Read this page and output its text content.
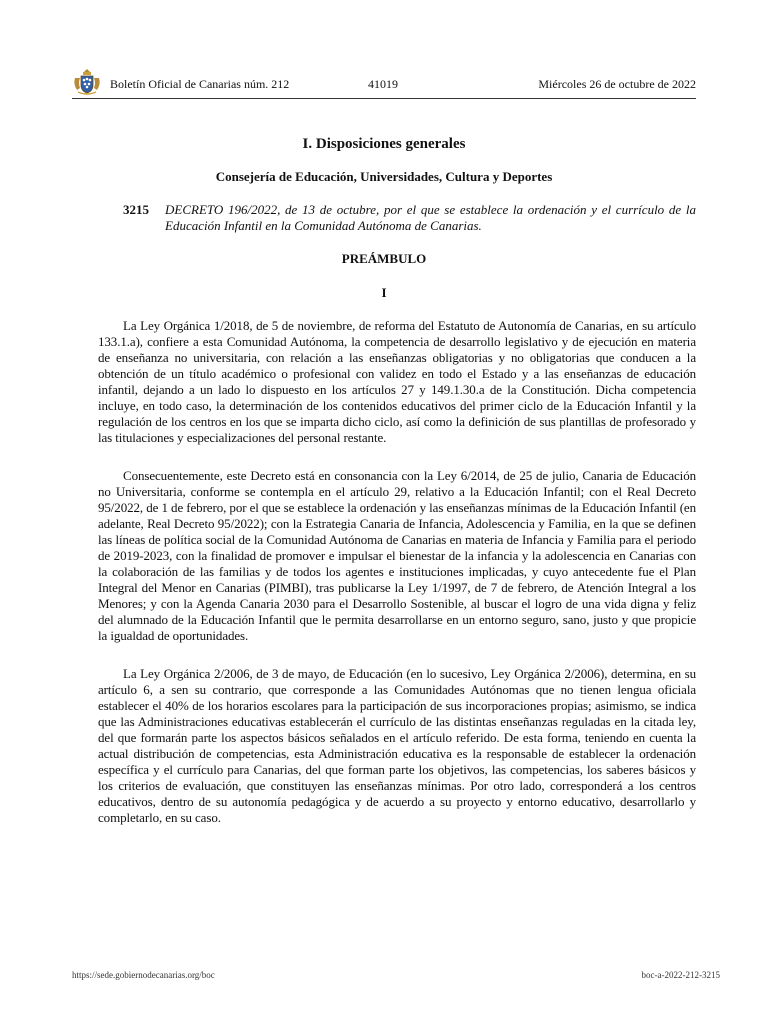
Boletín Oficial de Canarias núm. 212	41019	Miércoles 26 de octubre de 2022
I. Disposiciones generales
Consejería de Educación, Universidades, Cultura y Deportes
3215 DECRETO 196/2022, de 13 de octubre, por el que se establece la ordenación y el currículo de la Educación Infantil en la Comunidad Autónoma de Canarias.
PREÁMBULO
I

La Ley Orgánica 1/2018, de 5 de noviembre, de reforma del Estatuto de Autonomía de Canarias, en su artículo 133.1.a), confiere a esta Comunidad Autónoma, la competencia de desarrollo legislativo y de ejecución en materia de enseñanza no universitaria, con relación a las enseñanzas obligatorias y no obligatorias que conducen a la obtención de un título académico o profesional con validez en todo el Estado y a las enseñanzas de educación infantil, dejando a un lado lo dispuesto en los artículos 27 y 149.1.30.a de la Constitución. Dicha competencia incluye, en todo caso, la determinación de los contenidos educativos del primer ciclo de la Educación Infantil y la regulación de los centros en los que se imparta dicho ciclo, así como la definición de sus plantillas de profesorado y las titulaciones y especializaciones del personal restante.

Consecuentemente, este Decreto está en consonancia con la Ley 6/2014, de 25 de julio, Canaria de Educación no Universitaria, conforme se contempla en el artículo 29, relativo a la Educación Infantil; con el Real Decreto 95/2022, de 1 de febrero, por el que se establece la ordenación y las enseñanzas mínimas de la Educación Infantil (en adelante, Real Decreto 95/2022); con la Estrategia Canaria de Infancia, Adolescencia y Familia, en la que se definen las líneas de política social de la Comunidad Autónoma de Canarias en materia de Infancia y Familia para el periodo de 2019-2023, con la finalidad de promover e impulsar el bienestar de la infancia y la adolescencia en Canarias con la colaboración de las familias y de todos los agentes e instituciones implicadas, y cuyo antecedente fue el Plan Integral del Menor en Canarias (PIMBI), tras publicarse la Ley 1/1997, de 7 de febrero, de Atención Integral a los Menores; y con la Agenda Canaria 2030 para el Desarrollo Sostenible, al buscar el logro de una vida digna y feliz del alumnado de la Educación Infantil que le permita desarrollarse en un entorno seguro, sano, justo y que propicie la igualdad de oportunidades.

La Ley Orgánica 2/2006, de 3 de mayo, de Educación (en lo sucesivo, Ley Orgánica 2/2006), determina, en su artículo 6, a sen su contrario, que corresponde a las Comunidades Autónomas que no tienen lengua oficiala establecer el 40% de los horarios escolares para la participación de sus incorporaciones propias; asimismo, se indica que las Administraciones educativas establecerán el currículo de las distintas enseñanzas reguladas en la citada ley, del que formarán parte los aspectos básicos señalados en el artículo referido. De esta forma, teniendo en cuenta la actual distribución de competencias, esta Administración educativa es la responsable de establecer la ordenación específica y el currículo para Canarias, del que forman parte los objetivos, las competencias, los saberes básicos y los criterios de evaluación, que constituyen las enseñanzas mínimas. Por otro lado, corresponderá a los centros educativos, dentro de su autonomía pedagógica y de acuerdo a su proyecto y entorno educativo, desarrollarlo y completarlo, en su caso.

https://sede.gobiernodecanarias.org/boc	boc-a-2022-212-3215
